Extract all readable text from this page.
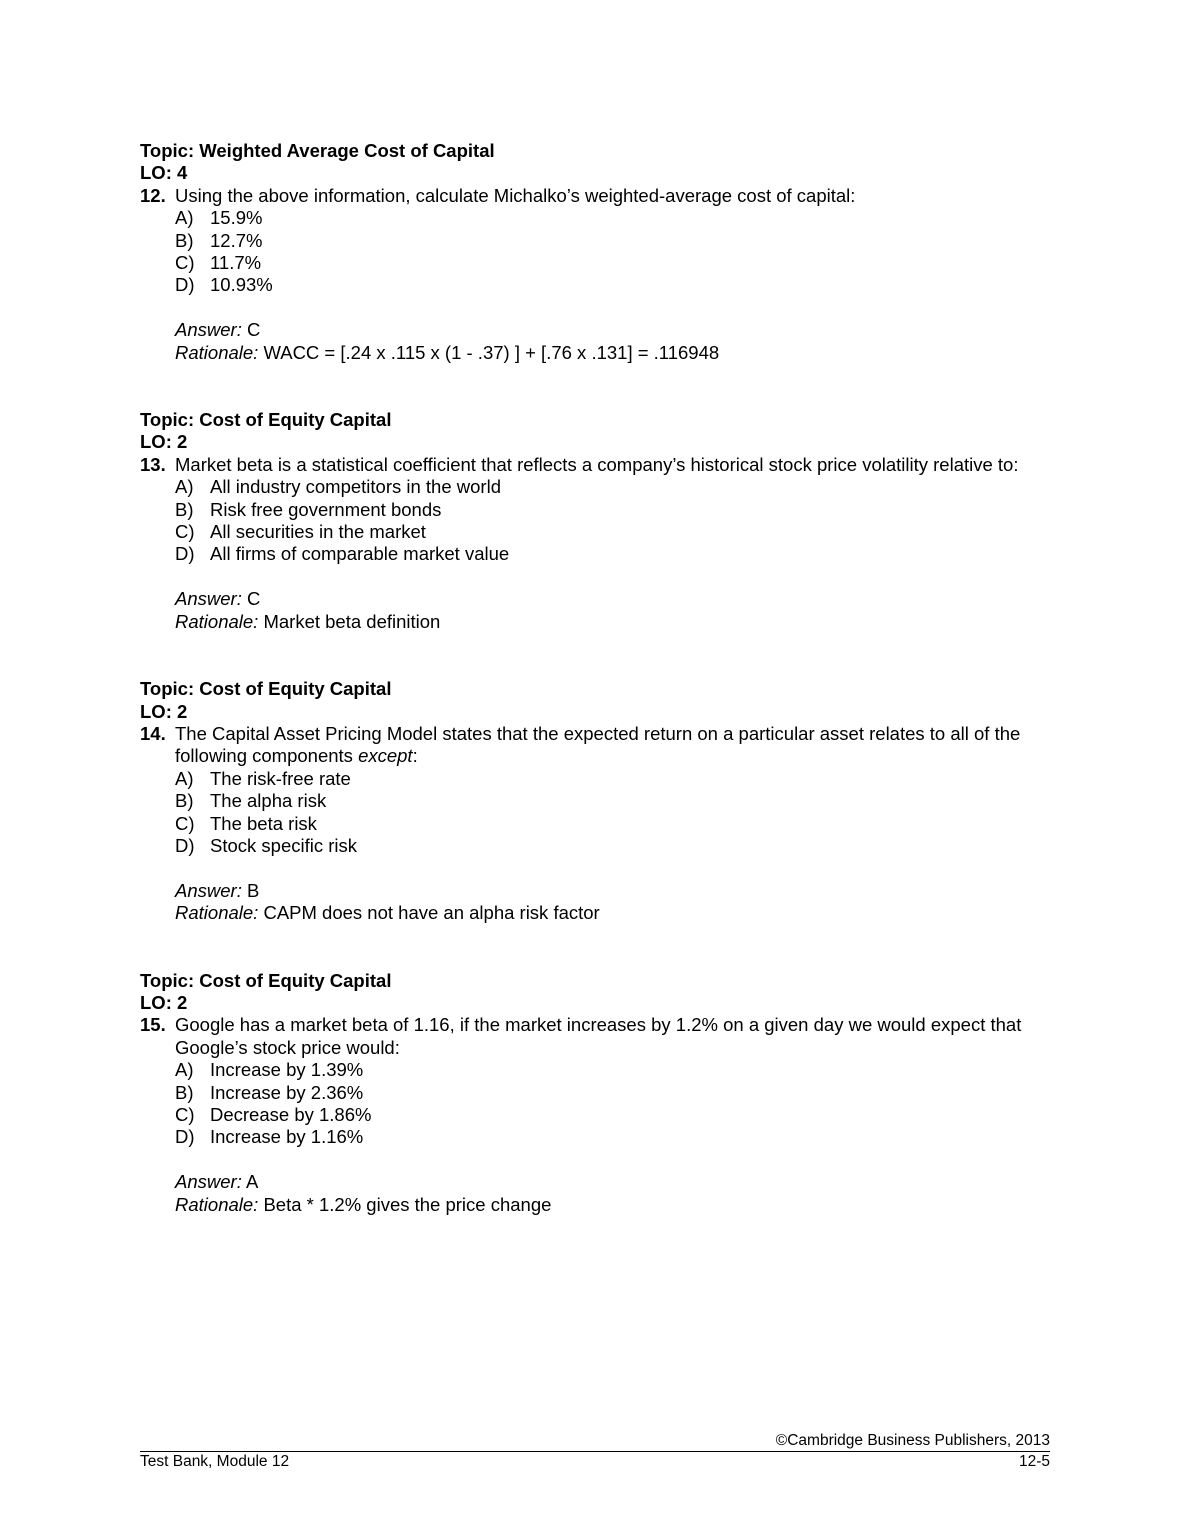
Topic: Weighted Average Cost of Capital
LO: 4
12. Using the above information, calculate Michalko’s weighted-average cost of capital:
A) 15.9%
B) 12.7%
C) 11.7%
D) 10.93%
Answer: C
Rationale: WACC = [.24 x .115 x (1 - .37) ] + [.76 x .131] = .116948
Topic: Cost of Equity Capital
LO: 2
13. Market beta is a statistical coefficient that reflects a company’s historical stock price volatility relative to:
A) All industry competitors in the world
B) Risk free government bonds
C) All securities in the market
D) All firms of comparable market value
Answer: C
Rationale: Market beta definition
Topic: Cost of Equity Capital
LO: 2
14. The Capital Asset Pricing Model states that the expected return on a particular asset relates to all of the following components except:
A) The risk-free rate
B) The alpha risk
C) The beta risk
D) Stock specific risk
Answer: B
Rationale: CAPM does not have an alpha risk factor
Topic: Cost of Equity Capital
LO: 2
15. Google has a market beta of 1.16, if the market increases by 1.2% on a given day we would expect that Google’s stock price would:
A) Increase by 1.39%
B) Increase by 2.36%
C) Decrease by 1.86%
D) Increase by 1.16%
Answer: A
Rationale: Beta * 1.2% gives the price change
©Cambridge Business Publishers, 2013
Test Bank, Module 12	12-5
